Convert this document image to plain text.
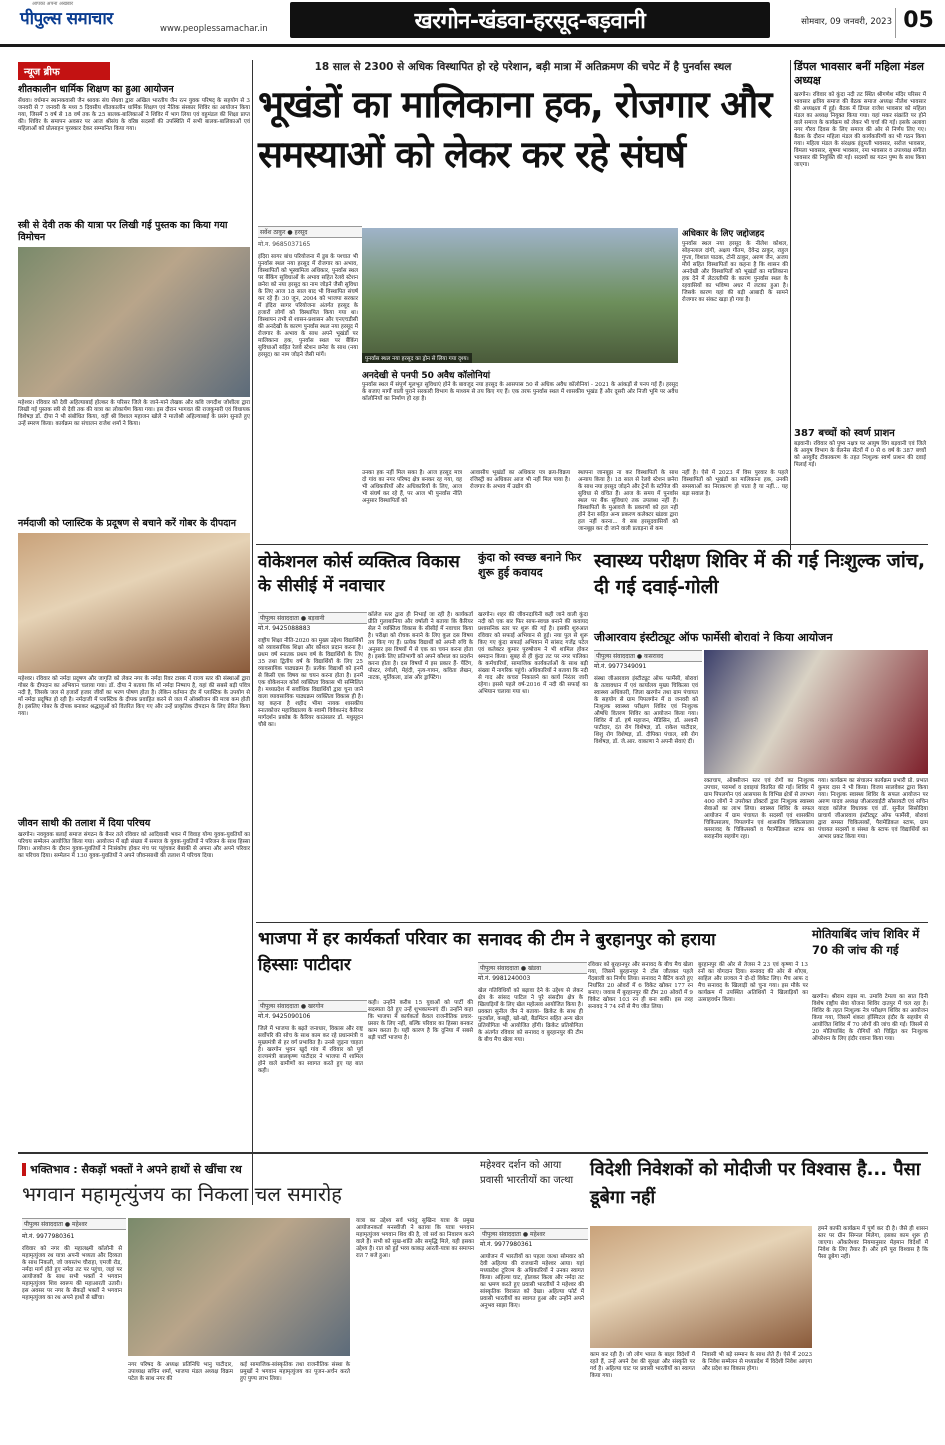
पीपुल्स समाचार
आपका अपना अखबार
www.peoplessamachar.in	खरगोन-खंडवा-हरसूद-बड़वानी	सोमवार, 09 जनवरी, 2023 05
न्यूज ब्रीफ
शीतकालीन धार्मिक शिक्षण का हुआ आयोजन
सेंधवा। वर्धमान स्थानकवासी जैन श्रावक संघ सेंधवा द्वारा अखिल भारतीय जैन रत्न युवक परिषद् के सहयोग से 3 जनवरी से 7 जनवरी के मध्य 5 दिवसीय शीतकालीन धार्मिक शिक्षण एवं नैतिक संस्कार शिविर का आयोजन किया गया, जिसमें 5 वर्ष से 18 वर्ष तक के 25 बालक-बालिकाओं ने शिविर में भाग लिया एवं वहुमंडल की शिक्षा प्राप्त की। शिविर के समापन अवसर पर आज श्रीसंघ के वरिष्ठ सदस्यों की उपस्थिति में सभी बालक-बालिकाओं एवं महिलाओं को प्रोत्साहन पुरस्कार देकर सम्मानित किया गया।
स्त्री से देवी तक की यात्रा पर लिखी गई पुस्तक का किया गया विमोचन
महेश्वर। रविवार को देवी अहिल्याबाई होल्कर के परिसर जिले के जाने-माने लेखक और कवि जगदीश जोशीला द्वारा लिखी गई पुस्तक स्त्री से देवी तक की यात्रा का लोकार्पण किया गया। इस दौरान भागवत की राजकुमारी एवं विधायक विशेषज्ञ डॉ. दीपा ने भी संबोधित किया, वहीं श्री विशाल महाजन खोले ने मातोश्री अहिल्याबाई के प्रसंग सुनाते हुए उन्हें स्मरण किया। कार्यक्रम का संचालन राजेश शर्मा ने किया।
नर्मदाजी को प्लास्टिक के प्रदूषण से बचाने करें गोबर के दीपदान
महेश्वर। रविवार को नर्मदा प्रदूषण और जागृति को लेकर नगर के नर्मदा रिवर टास्क में राज्य स्तर की संस्थाओं द्वारा गोबर के दीपदान का अभियान चलाया गया। डॉ. दीपा ने बताया कि माँ नर्मदा निष्पाप है, यहां की सबसे बड़ी पवित्र नदी है, जिसके जल से हजारों हजार जीवों का भरण पोषण होता है। लेकिन वर्तमान दौर में प्लास्टिक के उपयोग से माँ नर्मदा प्रदूषित हो रही है। नर्मदाजी में प्लास्टिक के दीपक प्रवाहित करने से जल में ऑक्सीजन की मात्रा कम होती है। इसलिए गोबर के दीपक बनाकर श्रद्धालुओं को वितरित किए गए और उन्हें प्राकृतिक दीपदान के लिए प्रेरित किया गया।
जीवन साथी की तलाश में दिया परिचय
खरगोन। नवयुवक बलाई समाज संगठन के बैनर तले रविवार को आदिवासी भवन में विवाह योग्य युवक-युवतियों का परिचय सम्मेलन आयोजित किया गया। आयोजन में बड़ी संख्या में समाज के युवक-युवतियों ने परिजन के साथ हिस्सा लिया। आयोजन के दौरान युवक-युवतियों ने निःसंकोच होकर मंच पर पहुंचकर बेबाकी से अपना और अपने परिवार का परिचय दिया। सम्मेलन में 130 युवक-युवतियों ने अपने जीवनसाथी की तलाश में परिचय दिया।
18 साल से 2300 से अधिक विस्थापित हो रहे परेशान, बड़ी मात्रा में अतिक्रमण की चपेट में है पुनर्वास स्थल
भूखंडों का मालिकाना हक, रोजगार और समस्याओं को लेकर कर रहे संघर्ष
सर्वेश ठाकुर ● हरसूद
मो.न. 9685037165
इंदिरा सागर बांध परियोजना में डूब के पश्चात भी पुनर्वास स्थल नया हरसूद में रोजगार का अभाव, विस्थापितों को भूस्वामित्व अधिकार, पुनर्वास स्थल पर बैंकिंग सुविधाओं के अभाव सहित रेलवे स्टेशन छनेरा को नया हरसूद का नाम जोड़ने जैसी सुविधा के लिए आज 18 साल बाद भी विस्थापित संघर्ष कर रहे हैं। 30 जून, 2004 को भाजपा सरकार में इंदिरा सागर परियोजना अंतर्गत हरसूद के हजारों लोगों को विस्थापित किया गया था। विस्थापन तभी से शासन-प्रशासन और एनएचडीसी की अनदेखी के कारण पुनर्वास स्थल नया हरसूद में रोजगार के अभाव के साथ अपने भूखंडों पर मालिकाना हक, पुनर्वास स्थल पर बैंकिंग सुविधाओं सहित रेलवे स्टेशन छनेरा के साथ (नया हरसूद) का नाम जोड़ने जैसी मांगें।
पुनर्वास स्थल नया हरसूद का ड्रोन से लिया गया दृश्य।
अनदेखी से पनपी 50 अवैध कॉलोनियां
पुनर्वास स्थल में संपूर्ण मूलभूत सुविधाएं होने के बावजूद नया हरसूद के आसपास 50 से अधिक अवैध कॉलोनियां - 2021 के आंकड़ों से पनप गई हैं। हरसूद के बजाए मार्गों वाली पुराने सरकारी विभाग के माध्यम से तय किए गए हैं। एक तरफ पुनर्वास स्थल में शासकीय भूखंड हैं और दूसरी ओर निजी भूमि पर अवैध कॉलोनियों का निर्माण हो रहा है।
उनका हक नहीं मिल सका है। आज हरसूद मात्र दो गांव का नगर परिषद क्षेत्र बनकर रह गया, वह भी अधिकारियों और अधिकारियों के लिए, आज भी संघर्ष कर रहे हैं, पर आज भी पुनर्वास नीति अनुसार विस्थापितों को
आवासीय भूखंडों का अधिकार पत्र क्रय-विक्रय रजिस्ट्री का अधिकार आज भी नहीं मिल पाया है। रोजगार के अभाव में उद्योग की
स्थापना जानबूझ ना कर विस्थापितों के साथ अन्याय किया है। 18 साल से रेलवे स्टेशन छनेरा के साथ नया हरसूद जोड़ने और ट्रेनों के स्टॉपेज की सुविधा से वंचित हैं। आज के समय में पुनर्वास स्थल पर बैंक सुविधाएं तक उपलब्ध नहीं हैं। विस्थापितों के मुआवजे के प्रकरणों को हल नहीं होने देना सहित अन्य प्रकरण कलेक्टर खंडवा द्वारा हल नहीं करना... ये सब हरसूदवासियों को जानबूझ कर दी जाने वाली प्रताड़ना से कम
अधिकार के लिए जद्दोजहद
पुनर्वास स्थल नया हरसूद के नीलेश कोशल, सोहनलाल दांगी, अक्षय गौतम, देवेन्द्र ठाकुर, राहुल गुप्ता, विशाल पाठक, टोनी ठाकुर, अरुण जैन, अजय मौर्य सहित विस्थापितों का कहना है कि शासन की अनदेखी और विस्थापितों को भूखंडों का मालिकाना हक देने में लेटलतीफी के कारण पुनर्वास स्थल के रहवासियों का भविष्य अधर में लटका हुआ है। जिसके कारण यहां की बड़ी आबादी के सामने रोजगार का संकट खड़ा हो गया है।
नहीं है। ऐसे में 2023 में विस पुरवार के पहले विस्थापितों को भूखंडों का मालिकाना हक, उनकी समस्याओं का निराकरण हो पाता है या नहीं... यह बड़ा सवाल है।
डिंपल भावसार बनीं महिला मंडल अध्यक्ष
खरगोन। रविवार को कुंदा नदी तट स्थित श्रीगणेश मंदिर परिसर में भावसार क्षत्रिय समाज की बैठक समाज अध्यक्ष नीलेश भावसार की अध्यक्षता में हुई। बैठक में डिंपल राजेश भावसार को महिला मंडल का अध्यक्ष नियुक्त किया गया। यहां मकर संक्रांति पर होने वाले समाज के कार्यक्रम को लेकर भी चर्चा की गई। इसके अलावा नगर गौरव दिवस के लिए समाज की ओर से निर्णय लिए गए। बैठक के दौरान महिला मंडल की कार्यकारिणी का भी गठन किया गया। महिला मंडल के संरक्षक इंदुमती भावसार, सरोज भावसार, विमला भावसार, सुषमा भावसार, रमा भावसार व उपाध्यक्ष संगीता भावसार की नियुक्ति की गई। सदस्यों का गठन पुष्प के साथ किया जाएगा।
387 बच्चों को स्वर्ण प्राशन
बड़वानी। रविवार को पुष्य नक्षत्र पर आयुष विंग बड़वानी एवं जिले के आयुष विभाग के वेलनेस सेंटरों में 0 से 6 वर्ष के 387 बच्चों को आयुर्वेद टीकाकरण के तहत निःशुल्क स्वर्ण प्राशन की दवाई पिलाई गई।
वोकेशनल कोर्स व्यक्तित्व विकास के सीसीई में नवाचार
पीपुल्स संवाददाता ● बड़वानी
मो.नं. 9425088883
राष्ट्रीय शिक्षा नीति-2020 का मुख्य उद्देश्य विद्यार्थियों को व्यावसायिक शिक्षा और कौशल प्रदान करना है। प्रथम वर्ष स्नातक प्रथम वर्ष के विद्यार्थियों के लिए 35 तथा द्वितीय वर्ष के विद्यार्थियों के लिए 25 व्यावसायिक पाठ्यक्रम हैं। प्रत्येक विद्यार्थी को इनमें से किसी एक विषय का चयन करना होता है। इनमें एक वोकेशनल कोर्स व्यक्तित्व विकास भी सम्मिलित है। मध्यप्रदेश में सर्वाधिक विद्यार्थियों द्वारा चुना जाने वाला व्यावसायिक पाठ्यक्रम व्यक्तित्व विकास ही है। यह कहना है शहीद भीमा नायक शासकीय स्नातकोत्तर महाविद्यालय के स्वामी विवेकानंद कैरियर मार्गदर्शन प्रकोष्ठ के कैरियर काउंसलर डॉ. मधुसूदन चौबे का।
कॉलेज स्तर द्वारा ही निभाई जा रही है। कार्यकर्ता प्रीति गुलाबानिया और वर्षाली ने बताया कि कैरियर सेल ने व्यक्तित्व विकास के सीसीई में नवाचार किया है। परीक्षा को रोचक बनाने के लिए कुल दस विषय तय किए गए हैं। प्रत्येक विद्यार्थी को अपनी रुचि के अनुसार इस विषयों में से एक का चयन करना होता है। इसके लिए प्रतिभागी को अपने कौशल का प्रदर्शन करना होता है। दस विषयों में इस प्रकार हैं- पेंटिंग, पोस्टर, रंगोली, मेहंदी, नृत्य-गायन, कविता लेखन, नाटक, मूर्तिकला, डांस और ड्राफ्टिंग।
कुंदा को स्वच्छ बनाने फिर शुरू हुई कवायद
खरगोन। शहर की जीवनदायिनी कही जाने वाली कुंदा नदी को एक बार फिर साफ-स्वच्छ बनाने की कवायद प्रशासनिक स्तर पर शुरू की गई है। इसकी शुरुआत रविवार को सफाई अभियान से हुई। नया पुल से शुरू किए गए कुंदा सफाई अभियान में सांसद गजेंद्र पटेल एवं कलेक्टर कुमार पुरुषोत्तम ने भी शामिल होकर श्रमदान किया। सुबह से ही कुंदा तट पर नगर पालिका के कर्मचारियों, सामाजिक कार्यकर्ताओं के साथ बड़ी संख्या में नागरिक पहुंचे। अधिकारियों ने बताया कि नदी से गाद और कचरा निकालने का कार्य निरंतर जारी रहेगा। इससे पहले वर्ष-2016 में नदी की सफाई का अभियान चलाया गया था।
स्वास्थ्य परीक्षण शिविर में की गई निःशुल्क जांच, दी गई दवाई-गोली
जीआरवाय इंस्टीट्यूट ऑफ फार्मेसी बोरावां ने किया आयोजन
पीपुल्स संवाददाता ● कसरावद
मो.नं. 9977349091
संस्था जीआरवाय इंस्टीट्यूट ऑफ फार्मेसी, बोरावां के तत्वावधान में एवं कार्यालय मुख्य चिकित्सा एवं स्वास्थ्य अधिकारी, जिला खरगोन तथा ग्राम पंचायत के सहयोग से ग्राम पिपलगोन में 8 जनवरी को निःशुल्क स्वास्थ्य परीक्षण शिविर एवं निःशुल्क औषधि वितरण शिविर का आयोजन किया गया। शिविर में डॉ. हर्ष महाजन, मेडिसिन, डॉ. अश्वनी पाटीदार, दंत रोग विशेषज्ञ, डॉ. राकेश पाटीदार, शिशु रोग विशेषज्ञ, डॉ. दीपिका पंचाल, स्त्री रोग विशेषज्ञ, डॉ. जे.आर. वाकाणा ने अपनी सेवाएं दीं।
रक्तचाप, ऑक्सीजन स्तर एवं रोगों का निःशुल्क उपचार, परामर्श व दवाइयां वितरित की गईं। शिविर में ग्राम पिपलगोन एवं आसपास के विभिन्न क्षेत्रों से लगभग 400 लोगों ने उपरोक्त डॉक्टरों द्वारा निःशुल्क स्वास्थ्य सेवाओं का लाभ लिया। स्वास्थ्य शिविर के सफल आयोजन में ग्राम पंचायत के सदस्यों एवं शासकीय चिकित्सालय, पिपलगोन एवं शासकीय चिकित्सालय कसरावद के चिकित्सकों व पैरामेडिकल स्टाफ का सराहनीय सहयोग रहा।
गया। कार्यक्रम का संचालन कार्यक्रम प्रभारी प्रो. प्रभात कुमार दास ने भी किया। विजय सालवेकर द्वारा किया गया। निःशुल्क स्वास्थ्य शिविर के सफल आयोजन पर अरुण यादव अध्यक्ष जीआरवाईटी सोसायटी एवं सचिन यादव कॉलेज विधायक एवं डॉ. सुनील सिसोदिया प्राचार्य जीआरवाय इंस्टीट्यूट ऑफ फार्मेसी, बोरावां द्वारा समस्त चिकित्सकों, पैरामेडिकल स्टाफ, ग्राम पंचायत सदस्यों व संस्था के स्टाफ एवं विद्यार्थियों का आभार प्रकट किया गया।
भाजपा में हर कार्यकर्ता परिवार का हिस्साः पाटीदार
पीपुल्स संवाददाता ● खरगोन
मो.नं. 9425090106
जिले में भाजपा के बढ़ते जनाधार, विकास और राष्ट्र सर्वोपरि की सोच के साथ काम कर रहे प्रधानमंत्री व मुख्यमंत्री से हर वर्ग प्रभावित है। उनसे जुड़ना चाहता है। खरगोन भुवन खुर्द गांव में रविवार को पूर्व राज्यमंत्री बालकृष्ण पाटीदार ने भाजपा में शामिल होने वाले ग्रामीणों का स्वागत करते हुए यह बात कही।
कही। उन्होंने करीब 15 युवाओं को पार्टी की सदस्यता देते हुए उन्हें शुभकामनाएं दीं। उन्होंने कहा कि भाजपा में कार्यकर्ता केवल राजनीतिक प्रचार-प्रसार के लिए नहीं, बल्कि परिवार का हिस्सा बनकर काम करता है। यही कारण है कि दुनिया में सबसे बड़ी पार्टी भाजपा है।
सनावद की टीम ने बुरहानपुर को हराया
पीपुल्स संवाददाता ● खंडवा
मो.नं. 9981240003
खेल गतिविधियों को बढ़ावा देने के उद्देश्य से लेकर क्षेत्र के सांसद पाटिल ने पूरे संसदीय क्षेत्र के खिलाड़ियों के लिए खेल महोत्सव आयोजित किया है। प्रवक्ता सुनील जैन ने बताया- क्रिकेट के साथ ही फुटबॉल, कबड्डी, खो-खो, बैडमिंटन सहित अन्य खेल प्रतियोगिता भी आयोजित होंगी। क्रिकेट प्रतियोगिता के अंतर्गत रविवार को सनावद व बुरहानपुर की टीम के बीच मैच खेला गया।
रविवार को बुरहानपुर और सनावद के बीच मैच खेला गया, जिसमें बुरहानपुर ने टॉस जीतकर पहले गेंदबाजी का निर्णय लिया। सनावद ने बैटिंग करते हुए निर्धारित 20 ओवरों में 6 विकेट खोकर 177 रन बनाए। जवाब में बुरहानपुर की टीम 20 ओवरों में 9 विकेट खोकर 103 रन ही बना सकी। इस तरह सनावद ने 74 रनों से मैच जीत लिया।
बुरहानपुर की ओर से तेजस ने 23 एवं कृष्णा ने 13 रनों का योगदान दिया। सनावद की ओर से शोएब, साहिल और प्रज्वल ने दो-दो विकेट लिए। मैच आफ द मैच सनावद के खिलाड़ी को चुना गया। इस मौके पर कार्यक्रम में उपस्थित अतिथियों ने खिलाड़ियों का उत्साहवर्धन किया।
मोतियाबिंद जांच शिविर में 70 की जांच की गई
खरगोन। श्रीराम राइस मा. उमावि टेमला का सात दिनी विशेष राष्ट्रीय सेवा योजना शिविर दातपुर में चल रहा है। शिविर के तहत निःशुल्क नेत्र परीक्षण शिविर का आयोजन किया गया, जिसमें शंकरा हॉस्पिटल इंदौर के सहयोग से आयोजित शिविर में 70 लोगों की जांच की गई। जिसमें से 20 मोतियाबिंद के रोगियों को चिह्नित कर निःशुल्क ऑपरेशन के लिए इंदौर रवाना किया गया।
भक्तिभाव : सैकड़ों भक्तों ने अपने हाथों से खींचा रथ
भगवान महामृत्युंजय का निकला चल समारोह
पीपुल्स संवाददाता ● महेश्वर
मो.नं. 9977980361
रविवार को नगर की महालक्ष्मी कॉलोनी से महामृत्युंजय रथ यात्रा अपनी भव्यता और दिव्यता के साथ निकली, जो जयस्तंभ चौराहा, एमजी रोड, नर्मदा मार्ग होते हुए नर्मदा तट पर पहुंचा, जहां पर आयोजकों के साथ सभी भक्तों ने भगवान महामृत्युंजय शिव स्वरूप की महाआरती उतारी। इस अवसर पर नगर के सैकड़ों भक्तों ने भगवान महामृत्युंजय का रथ अपने हाथों से खींचा।
नगर परिषद के अध्यक्ष प्रतिनिधि भानु पाटीदार, उपाध्यक्ष सचिन शर्मा, भाजपा मंडल अध्यक्ष विक्रम पटेल के साथ नगर की
कई सामाजिक-सांस्कृतिक तथा राजनीतिक संस्था के प्रमुखों ने भगवान महामृत्युंजय का पूजन-अर्चन करते हुए पुण्य लाभ लिया।
यात्रा का उद्देश्य सर्व भवंतु सुखिनः यात्रा के प्रमुख आयोजनकर्ता मनस्वीजी ने बताया कि यात्रा भगवान महामृत्युंजय भगवान शिव की है, जो सर्व का निवारण करने वाले हैं। सभी को सुख-शांति और समृद्धि मिले, यही इसका उद्देश्य है। रात को हुई भव्य काकड़ आरती-यात्रा का समापन रात 7 बजे हुआ।
महेश्वर दर्शन को आया प्रवासी भारतीयों का जत्था
पीपुल्स संवाददाता ● महेश्वर
मो.नं. 9977980361
आयोजन में भारतीयों का पहला जत्था सोमवार को देवी अहिल्या की राजधानी महेश्वर आया। यहां मध्यप्रदेश टूरिज्म के अधिकारियों ने उनका स्वागत किया। अहिल्या घाट, होलकर किला और नर्मदा तट का भ्रमण करते हुए प्रवासी भारतीयों ने महेश्वर की सांस्कृतिक विरासत को देखा। अहिल्या फोर्ट में प्रवासी भारतीयों का स्वागत हुआ और उन्होंने अपने अनुभव साझा किए।
विदेशी निवेशकों को मोदीजी पर विश्वास है... पैसा डूबेगा नहीं
काम कर रही है। जो लोग भारत के बाहर विदेशों में रहते हैं, उन्हें अपने देश की सुरक्षा और संस्कृति पर गर्व है। अहिल्या घाट पर प्रवासी भारतीयों का स्वागत किया गया।
निवासी भी बड़े सम्मान के साथ लेते हैं। ऐसे में 2023 के निवेश सम्मेलन से मध्यप्रदेश में विदेशी निवेश आएगा और प्रदेश का विकास होगा।
हमने काफी कार्यक्रम में पूर्ण कर दी है। जैसे ही शासन स्तर पर ग्रीन सिग्नल मिलेगा, इसका काम शुरू हो जाएगा। ओंकारेश्वर नियमानुसार मेहमान विदेशों में निवेश के लिए तैयार हैं। और हमें पूरा विश्वास है कि पैसा डूबेगा नहीं।
